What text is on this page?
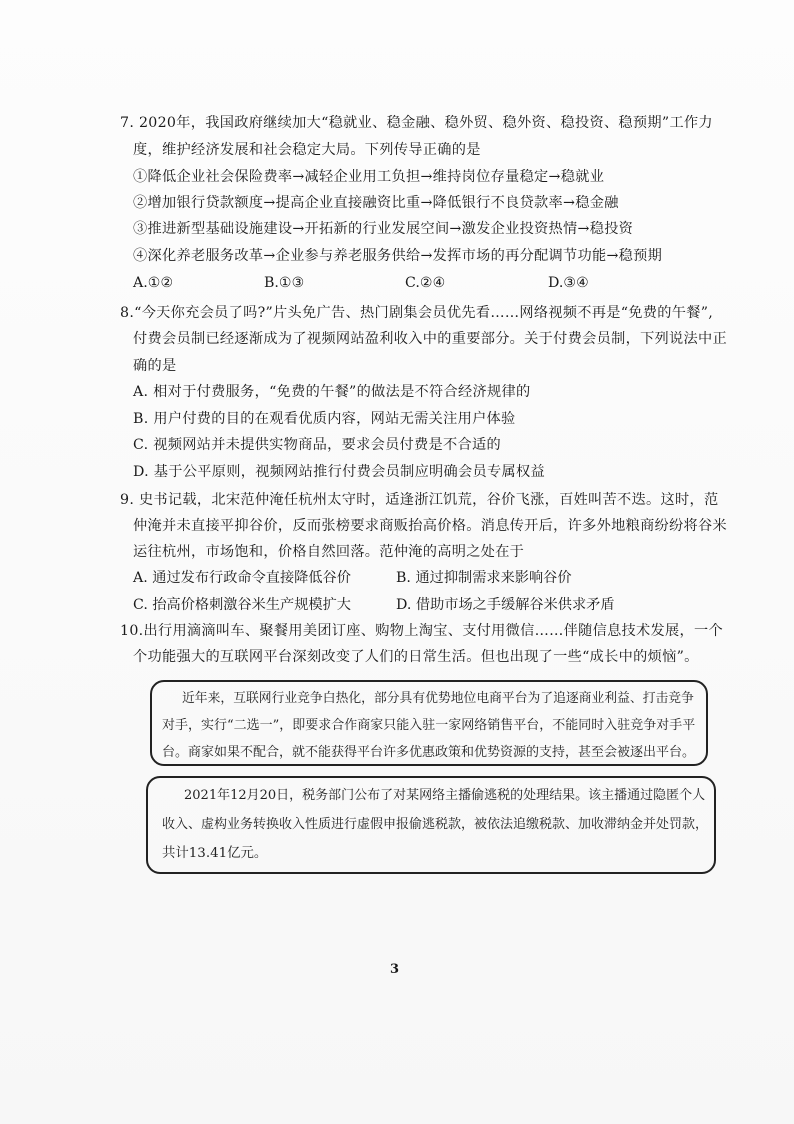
7. 2020年，我国政府继续加大“稳就业、稳金融、稳外贸、稳外资、稳投资、稳预期”工作力
度，维护经济发展和社会稳定大局。下列传导正确的是
①降低企业社会保险费率→减轻企业用工负担→维持岗位存量稳定→稳就业
②增加银行贷款额度→提高企业直接融资比重→降低银行不良贷款率→稳金融
③推进新型基础设施建设→开拓新的行业发展空间→激发企业投资热情→稳投资
④深化养老服务改革→企业参与养老服务供给→发挥市场的再分配调节功能→稳预期
A.①②	B.①③	C.②④	D.③④
8.“今天你充会员了吗?”片头免广告、热门剧集会员优先看……网络视频不再是“免费的午餐”,
付费会员制已经逐渐成为了视频网站盈利收入中的重要部分。关于付费会员制，下列说法中正
确的是
A. 相对于付费服务，“免费的午餐”的做法是不符合经济规律的
B. 用户付费的目的在观看优质内容，网站无需关注用户体验
C. 视频网站并未提供实物商品，要求会员付费是不合适的
D. 基于公平原则，视频网站推行付费会员制应明确会员专属权益
9. 史书记载，北宋范仲淹任杭州太守时，适逢浙江饥荒，谷价飞涨，百姓叫苦不迭。这时，范
仲淹并未直接平抑谷价，反而张榜要求商贩抬高价格。消息传开后，许多外地粮商纷纷将谷米
运往杭州，市场饱和，价格自然回落。范仲淹的高明之处在于
A. 通过发布行政命令直接降低谷价	B. 通过抑制需求来影响谷价
C. 抬高价格刺激谷米生产规模扩大	D. 借助市场之手缓解谷米供求矛盾
10.出行用滴滴叫车、聚餐用美团订座、购物上淘宝、支付用微信……伴随信息技术发展，一个
个功能强大的互联网平台深刻改变了人们的日常生活。但也出现了一些“成长中的烦恼”。
近年来，互联网行业竞争白热化，部分具有优势地位电商平台为了追逐商业利益、打击竞争
对手，实行“二选一”，即要求合作商家只能入驻一家网络销售平台，不能同时入驻竞争对手平
台。商家如果不配合，就不能获得平台许多优惠政策和优势资源的支持，甚至会被逐出平台。
2021年12月20日，税务部门公布了对某网络主播偷逃税的处理结果。该主播通过隐匿个人
收入、虚构业务转换收入性质进行虚假申报偷逃税款，被依法追缴税款、加收滞纳金并处罚款，
共计13.41亿元。
3
